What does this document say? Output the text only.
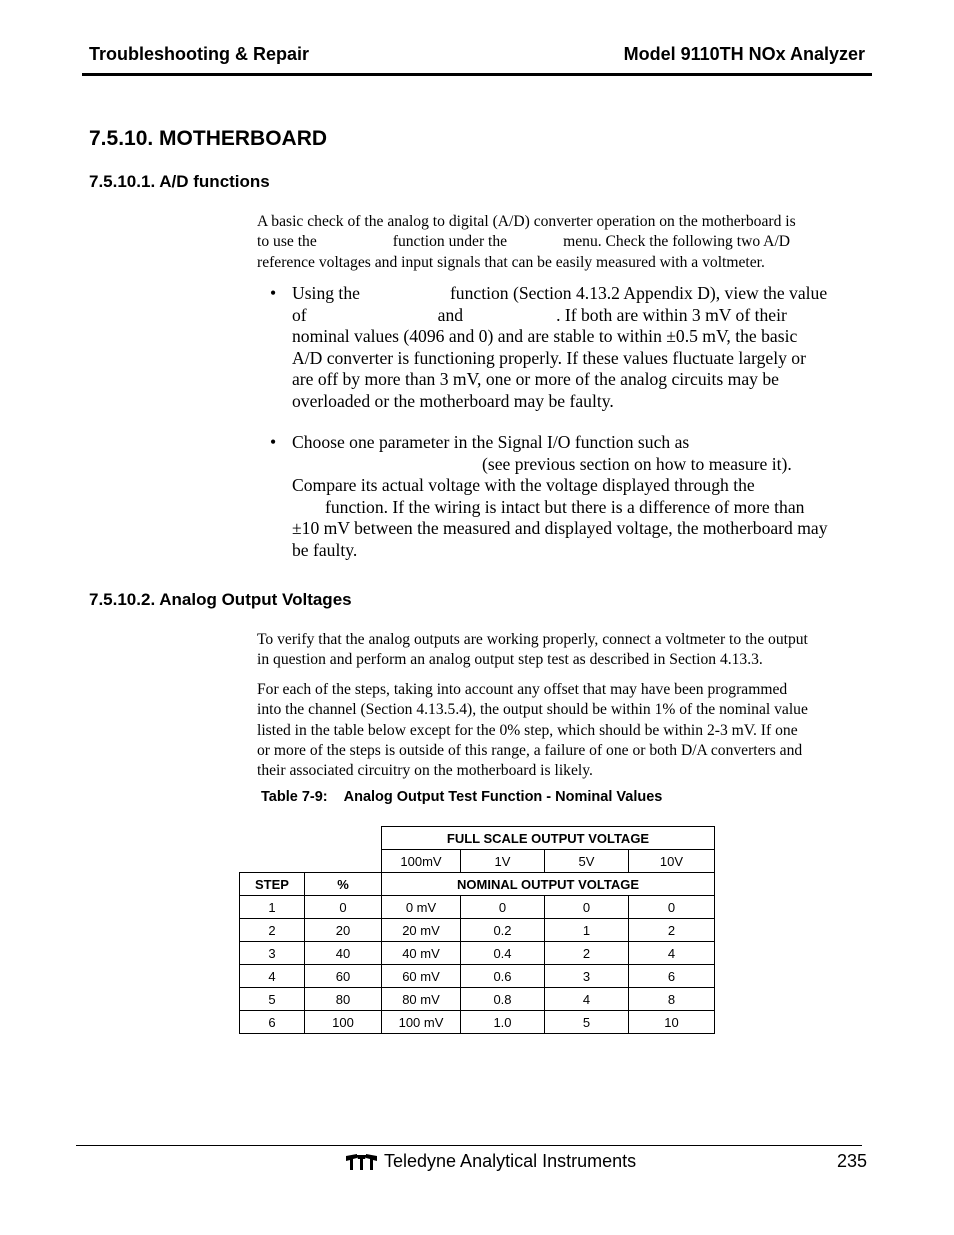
Troubleshooting & Repair	Model 9110TH NOx Analyzer
7.5.10. MOTHERBOARD
7.5.10.1. A/D functions

A basic check of the analog to digital (A/D) converter operation on the motherboard is
to use the	function under the	menu. Check the following two A/D
reference voltages and input signals that can be easily measured with a voltmeter.

• Using the	function (Section 4.13.2 Appendix D), view the value
of	and	. If both are within 3 mV of their
nominal values (4096 and 0) and are stable to within ±0.5 mV, the basic
A/D converter is functioning properly. If these values fluctuate largely or
are off by more than 3 mV, one or more of the analog circuits may be
overloaded or the motherboard may be faulty.

• Choose one parameter in the Signal I/O function such as
(see previous section on how to measure it).
Compare its actual voltage with the voltage displayed through the
function. If the wiring is intact but there is a difference of more than
±10 mV between the measured and displayed voltage, the motherboard may
be faulty.

7.5.10.2. Analog Output Voltages

To verify that the analog outputs are working properly, connect a voltmeter to the output
in question and perform an analog output step test as described in Section 4.13.3.

For each of the steps, taking into account any offset that may have been programmed
into the channel (Section 4.13.5.4), the output should be within 1% of the nominal value
listed in the table below except for the 0% step, which should be within 2-3 mV. If one
or more of the steps is outside of this range, a failure of one or both D/A converters and
their associated circuitry on the motherboard is likely.

Table 7-9: Analog Output Test Function - Nominal Values
		FULL SCALE OUTPUT VOLTAGE			
		100mV	1V	5V	10V
STEP	%	NOMINAL OUTPUT VOLTAGE			
1	0	0 mV	0	0	0
2	20	20 mV	0.2	1	2
3	40	40 mV	0.4	2	4
4	60	60 mV	0.6	3	6
5	80	80 mV	0.8	4	8
6	100	100 mV	1.0	5	10
Teledyne Analytical Instruments	235
